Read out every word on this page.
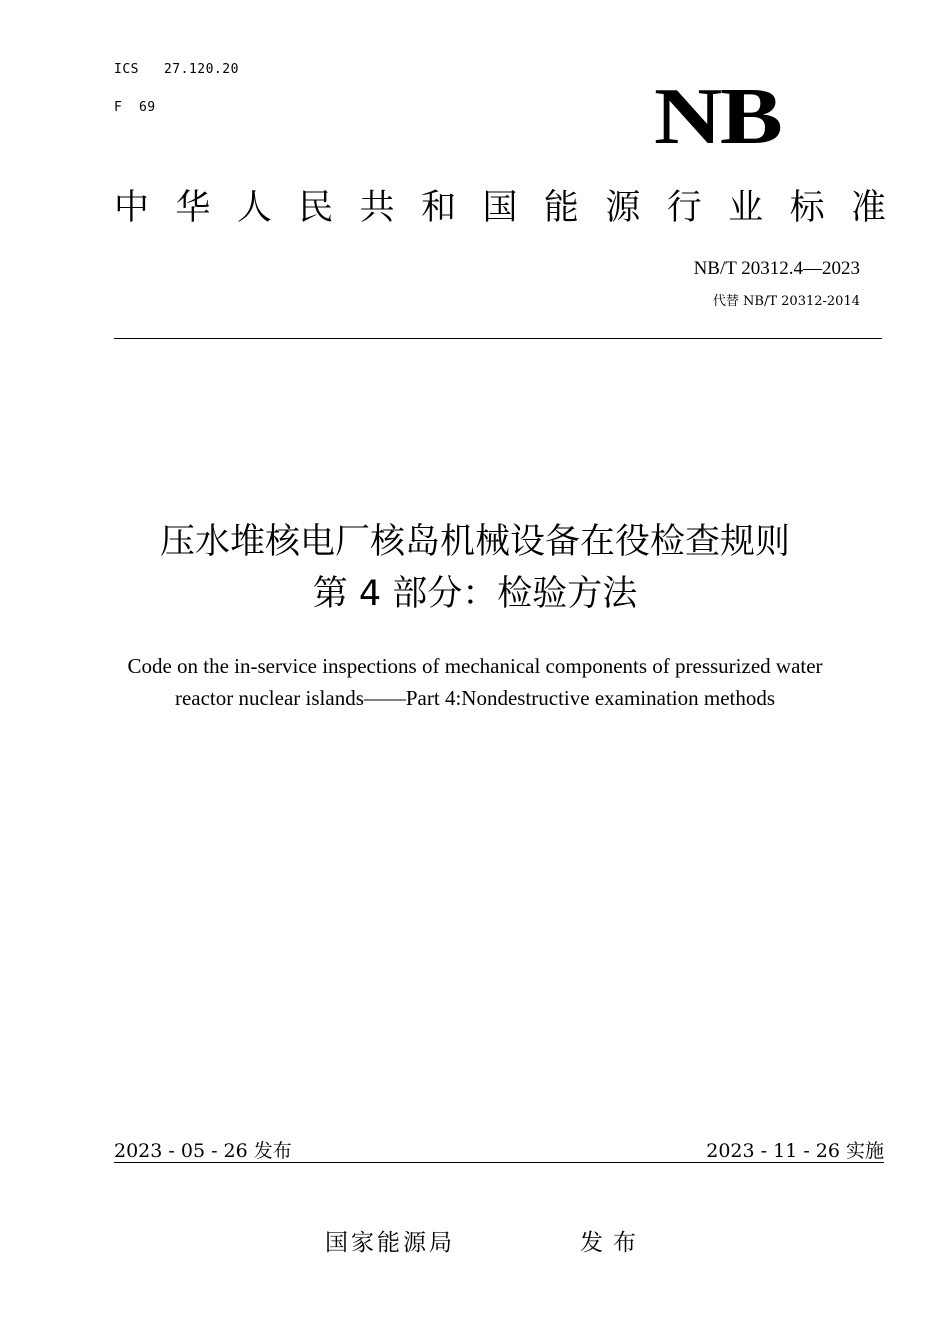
ICS   27.120.20
F  69	NB
中华人民共和国能源行业标准
NB/T 20312.4—2023
代替 NB/T 20312-2014
压水堆核电厂核岛机械设备在役检查规则
第 4 部分：检验方法
Code on the in-service inspections of mechanical components of pressurized water
reactor nuclear islands——Part 4:Nondestructive examination methods
2023 - 05 - 26 发布	2023 - 11 - 26 实施
国家能源局	发布
